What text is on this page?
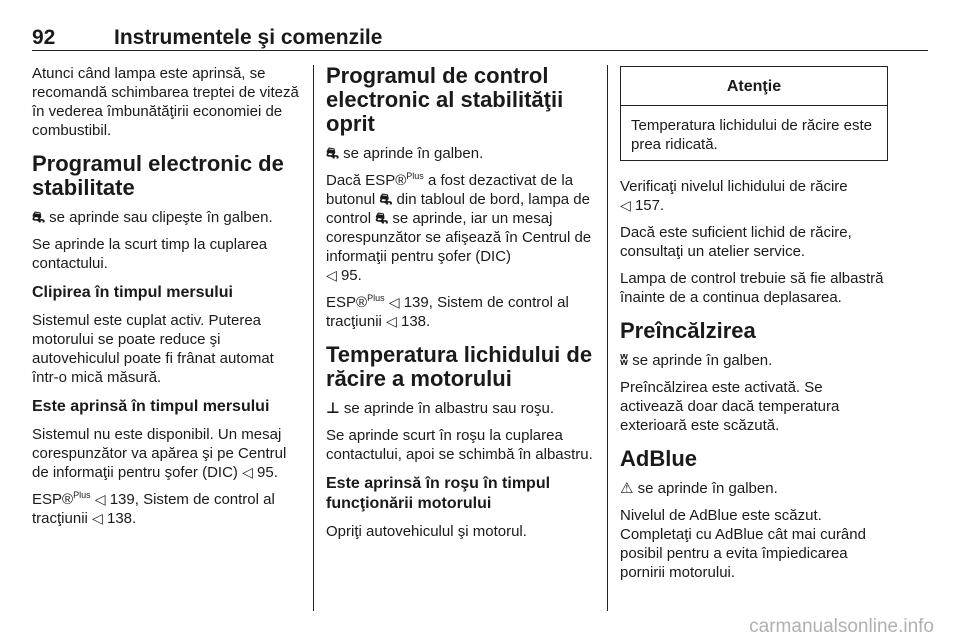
92	Instrumentele şi comenzile

Atunci când lampa este aprinsă, se recomandă schimbarea treptei de viteză în vederea îmbunătăţirii economiei de combustibil.

Programul electronic de stabilitate

⛐ se aprinde sau clipeşte în galben.

Se aprinde la scurt timp la cuplarea contactului.

Clipirea în timpul mersului

Sistemul este cuplat activ. Puterea motorului se poate reduce şi autovehiculul poate fi frânat automat într-o mică măsură.

Este aprinsă în timpul mersului

Sistemul nu este disponibil. Un mesaj corespunzător va apărea şi pe Centrul de informaţii pentru şofer (DIC) ◁ 95.

ESP®$^{Plus}$ ◁ 139, Sistem de control al tracţiunii ◁ 138.

Programul de control electronic al stabilităţii oprit

⛐ se aprinde în galben.

Dacă ESP®$^{Plus}$ a fost dezactivat de la butonul ⛐ din tabloul de bord, lampa de control ⛐ se aprinde, iar un mesaj corespunzător se afişează în Centrul de informaţii pentru şofer (DIC)
◁ 95.

ESP®$^{Plus}$ ◁ 139, Sistem de control al tracţiunii ◁ 138.

Temperatura lichidului de răcire a motorului

⊥ se aprinde în albastru sau roşu.

Se aprinde scurt în roşu la cuplarea contactului, apoi se schimbă în albastru.

Este aprinsă în roşu în timpul funcţionării motorului

Opriţi autovehiculul şi motorul.

Atenţie
Temperatura lichidului de răcire este prea ridicată.

Verificaţi nivelul lichidului de răcire
◁ 157.

Dacă este suficient lichid de răcire, consultaţi un atelier service.

Lampa de control trebuie să fie albastră înainte de a continua deplasarea.

Preîncălzirea

ʬ se aprinde în galben.

Preîncălzirea este activată. Se activează doar dacă temperatura exterioară este scăzută.

AdBlue

⚠ se aprinde în galben.

Nivelul de AdBlue este scăzut. Completaţi cu AdBlue cât mai curând posibil pentru a evita împiedicarea pornirii motorului.

carmanualsonline.info
